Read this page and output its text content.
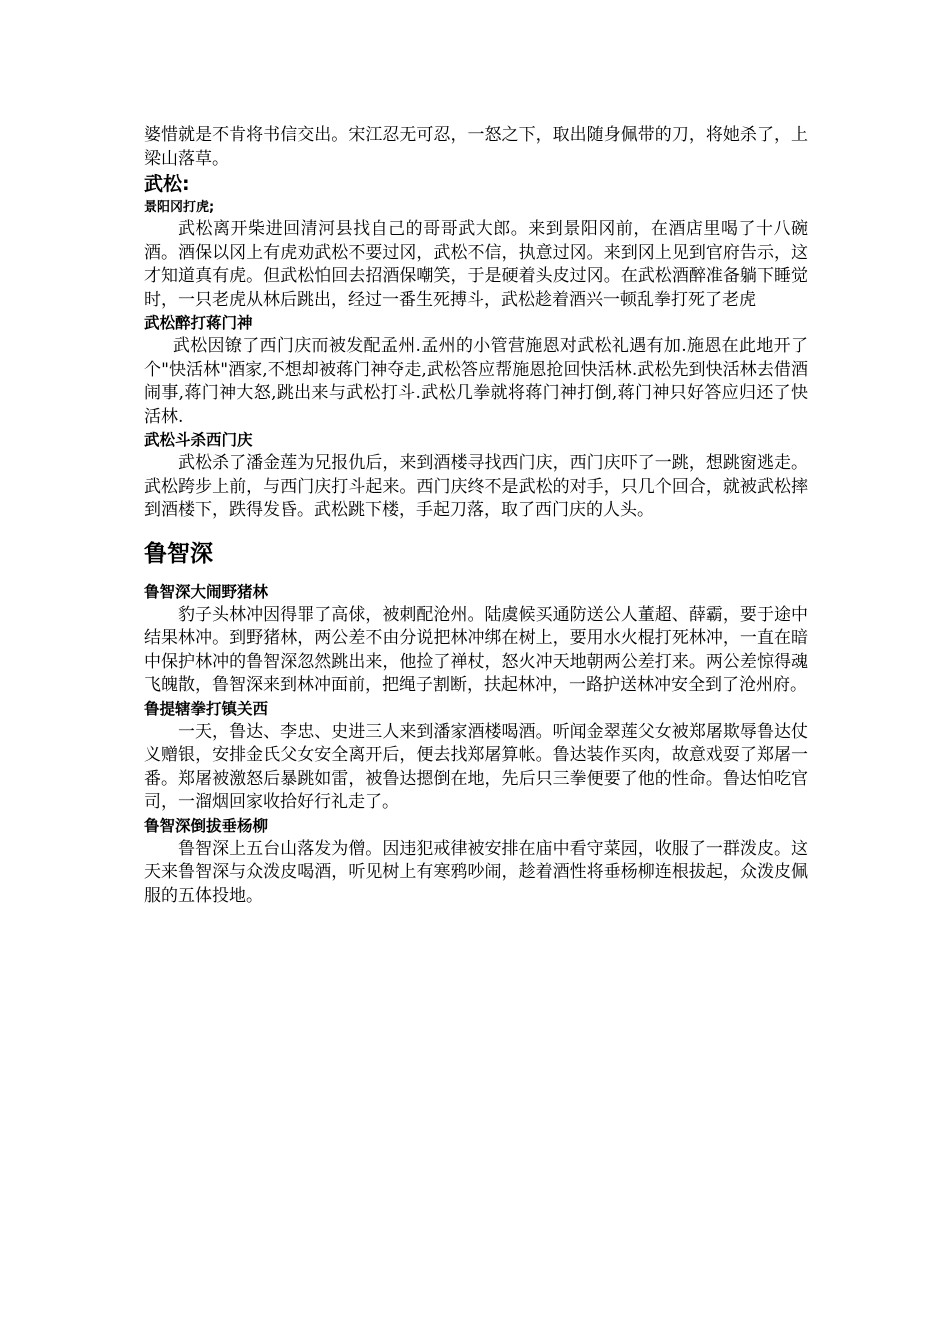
婆惜就是不肯将书信交出。宋江忍无可忍，一怒之下，取出随身佩带的刀，将她杀了，上梁山落草。

武松:
景阳冈打虎;

武松离开柴进回清河县找自己的哥哥武大郎。来到景阳冈前，在酒店里喝了十八碗酒。酒保以冈上有虎劝武松不要过冈，武松不信，执意过冈。来到冈上见到官府告示，这才知道真有虎。但武松怕回去招酒保嘲笑，于是硬着头皮过冈。在武松酒醉准备躺下睡觉时，一只老虎从林后跳出，经过一番生死搏斗，武松趁着酒兴一顿乱拳打死了老虎

武松醉打蒋门神

武松因镣了西门庆而被发配孟州.孟州的小管营施恩对武松礼遇有加.施恩在此地开了个"快活林"酒家,不想却被蒋门神夺走,武松答应帮施恩抢回快活林.武松先到快活林去借酒闹事,蒋门神大怒,跳出来与武松打斗.武松几拳就将蒋门神打倒,蒋门神只好答应归还了快活林.

武松斗杀西门庆

武松杀了潘金莲为兄报仇后，来到酒楼寻找西门庆，西门庆吓了一跳，想跳窗逃走。武松跨步上前，与西门庆打斗起来。西门庆终不是武松的对手，只几个回合，就被武松摔到酒楼下，跌得发昏。武松跳下楼，手起刀落，取了西门庆的人头。

鲁智深
鲁智深大闹野猪林

豹子头林冲因得罪了高俅，被刺配沧州。陆虞候买通防送公人董超、薛霸，要于途中结果林冲。到野猪林，两公差不由分说把林冲绑在树上，要用水火棍打死林冲，一直在暗中保护林冲的鲁智深忽然跳出来，他捡了禅杖，怒火冲天地朝两公差打来。两公差惊得魂飞魄散，鲁智深来到林冲面前，把绳子割断，扶起林冲，一路护送林冲安全到了沧州府。

鲁提辖拳打镇关西

一天，鲁达、李忠、史进三人来到潘家酒楼喝酒。听闻金翠莲父女被郑屠欺辱鲁达仗义赠银，安排金氏父女安全离开后，便去找郑屠算帐。鲁达装作买肉，故意戏耍了郑屠一番。郑屠被激怒后暴跳如雷，被鲁达摁倒在地，先后只三拳便要了他的性命。鲁达怕吃官司，一溜烟回家收拾好行礼走了。

鲁智深倒拔垂杨柳

鲁智深上五台山落发为僧。因违犯戒律被安排在庙中看守菜园，收服了一群泼皮。这天来鲁智深与众泼皮喝酒，听见树上有寒鸦吵闹，趁着酒性将垂杨柳连根拔起，众泼皮佩服的五体投地。
